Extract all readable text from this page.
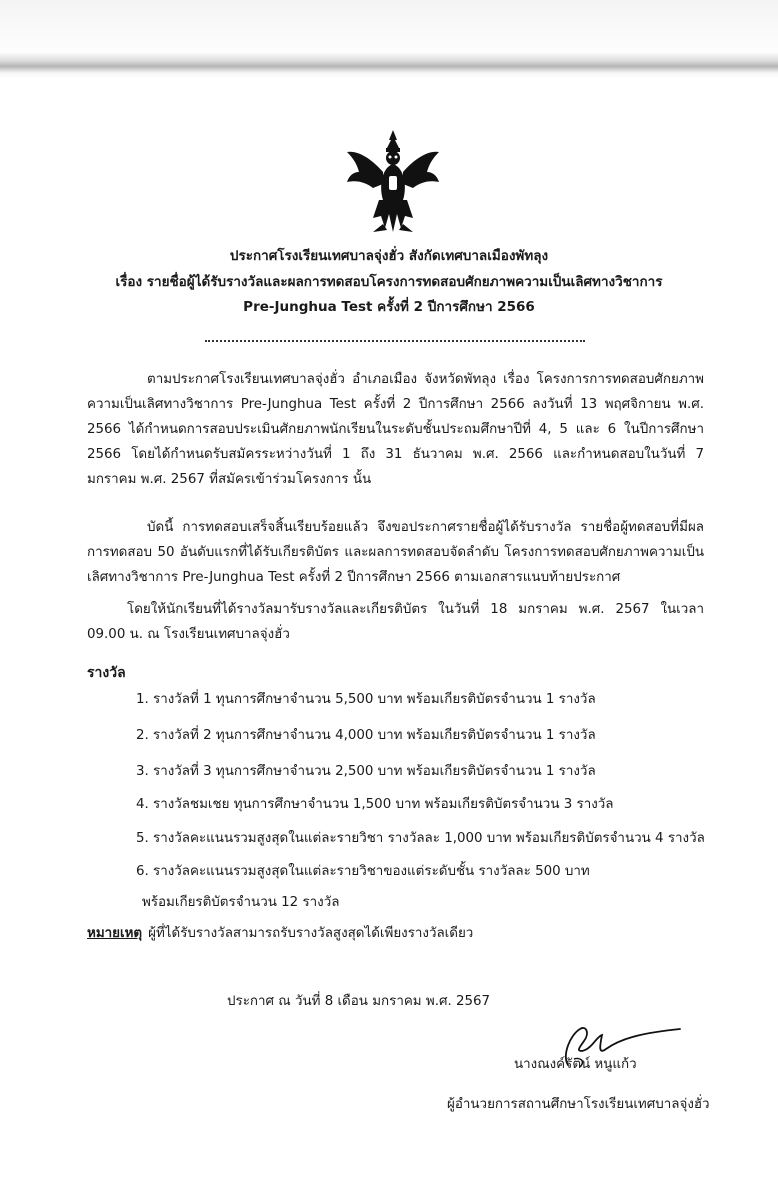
ประกาศโรงเรียนเทศบาลจุ่งฮั่ว สังกัดเทศบาลเมืองพัทลุง
เรื่อง รายชื่อผู้ได้รับรางวัลและผลการทดสอบโครงการทดสอบศักยภาพความเป็นเลิศทางวิชาการ
Pre-Junghua Test ครั้งที่ 2 ปีการศึกษา 2566
ตามประกาศโรงเรียนเทศบาลจุ่งฮั่ว อำเภอเมือง จังหวัดพัทลุง เรื่อง โครงการการทดสอบศักยภาพความเป็นเลิศทางวิชาการ Pre-Junghua Test ครั้งที่ 2 ปีการศึกษา 2566 ลงวันที่ 13 พฤศจิกายน พ.ศ. 2566 ได้กำหนดการสอบประเมินศักยภาพนักเรียนในระดับชั้นประถมศึกษาปีที่ 4, 5 และ 6 ในปีการศึกษา 2566 โดยได้กำหนดรับสมัครระหว่างวันที่ 1 ถึง 31 ธันวาคม พ.ศ. 2566 และกำหนดสอบในวันที่ 7 มกราคม พ.ศ. 2567 ที่สมัครเข้าร่วมโครงการ นั้น
บัดนี้ การทดสอบเสร็จสิ้นเรียบร้อยแล้ว จึงขอประกาศรายชื่อผู้ได้รับรางวัล รายชื่อผู้ทดสอบที่มีผลการทดสอบ 50 อันดับแรกที่ได้รับเกียรติบัตร และผลการทดสอบจัดลำดับ โครงการทดสอบศักยภาพความเป็นเลิศทางวิชาการ Pre-Junghua Test ครั้งที่ 2 ปีการศึกษา 2566 ตามเอกสารแนบท้ายประกาศ
โดยให้นักเรียนที่ได้รางวัลมารับรางวัลและเกียรติบัตร ในวันที่ 18 มกราคม พ.ศ. 2567 ในเวลา 09.00 น. ณ โรงเรียนเทศบาลจุ่งฮั่ว
รางวัล
1. รางวัลที่ 1 ทุนการศึกษาจำนวน 5,500 บาท พร้อมเกียรติบัตรจำนวน 1 รางวัล
2. รางวัลที่ 2 ทุนการศึกษาจำนวน 4,000 บาท พร้อมเกียรติบัตรจำนวน 1 รางวัล
3. รางวัลที่ 3 ทุนการศึกษาจำนวน 2,500 บาท พร้อมเกียรติบัตรจำนวน 1 รางวัล
4. รางวัลชมเชย ทุนการศึกษาจำนวน 1,500 บาท พร้อมเกียรติบัตรจำนวน 3 รางวัล
5. รางวัลคะแนนรวมสูงสุดในแต่ละรายวิชา รางวัลละ 1,000 บาท พร้อมเกียรติบัตรจำนวน 4 รางวัล
6. รางวัลคะแนนรวมสูงสุดในแต่ละรายวิชาของแต่ระดับชั้น รางวัลละ 500 บาท
พร้อมเกียรติบัตรจำนวน 12 รางวัล
หมายเหตุ ผู้ที่ได้รับรางวัลสามารถรับรางวัลสูงสุดได้เพียงรางวัลเดียว
ประกาศ ณ วันที่ 8 เดือน มกราคม พ.ศ. 2567
นางณงค์รัตน์ หนูแก้ว
ผู้อำนวยการสถานศึกษาโรงเรียนเทศบาลจุ่งฮั่ว
